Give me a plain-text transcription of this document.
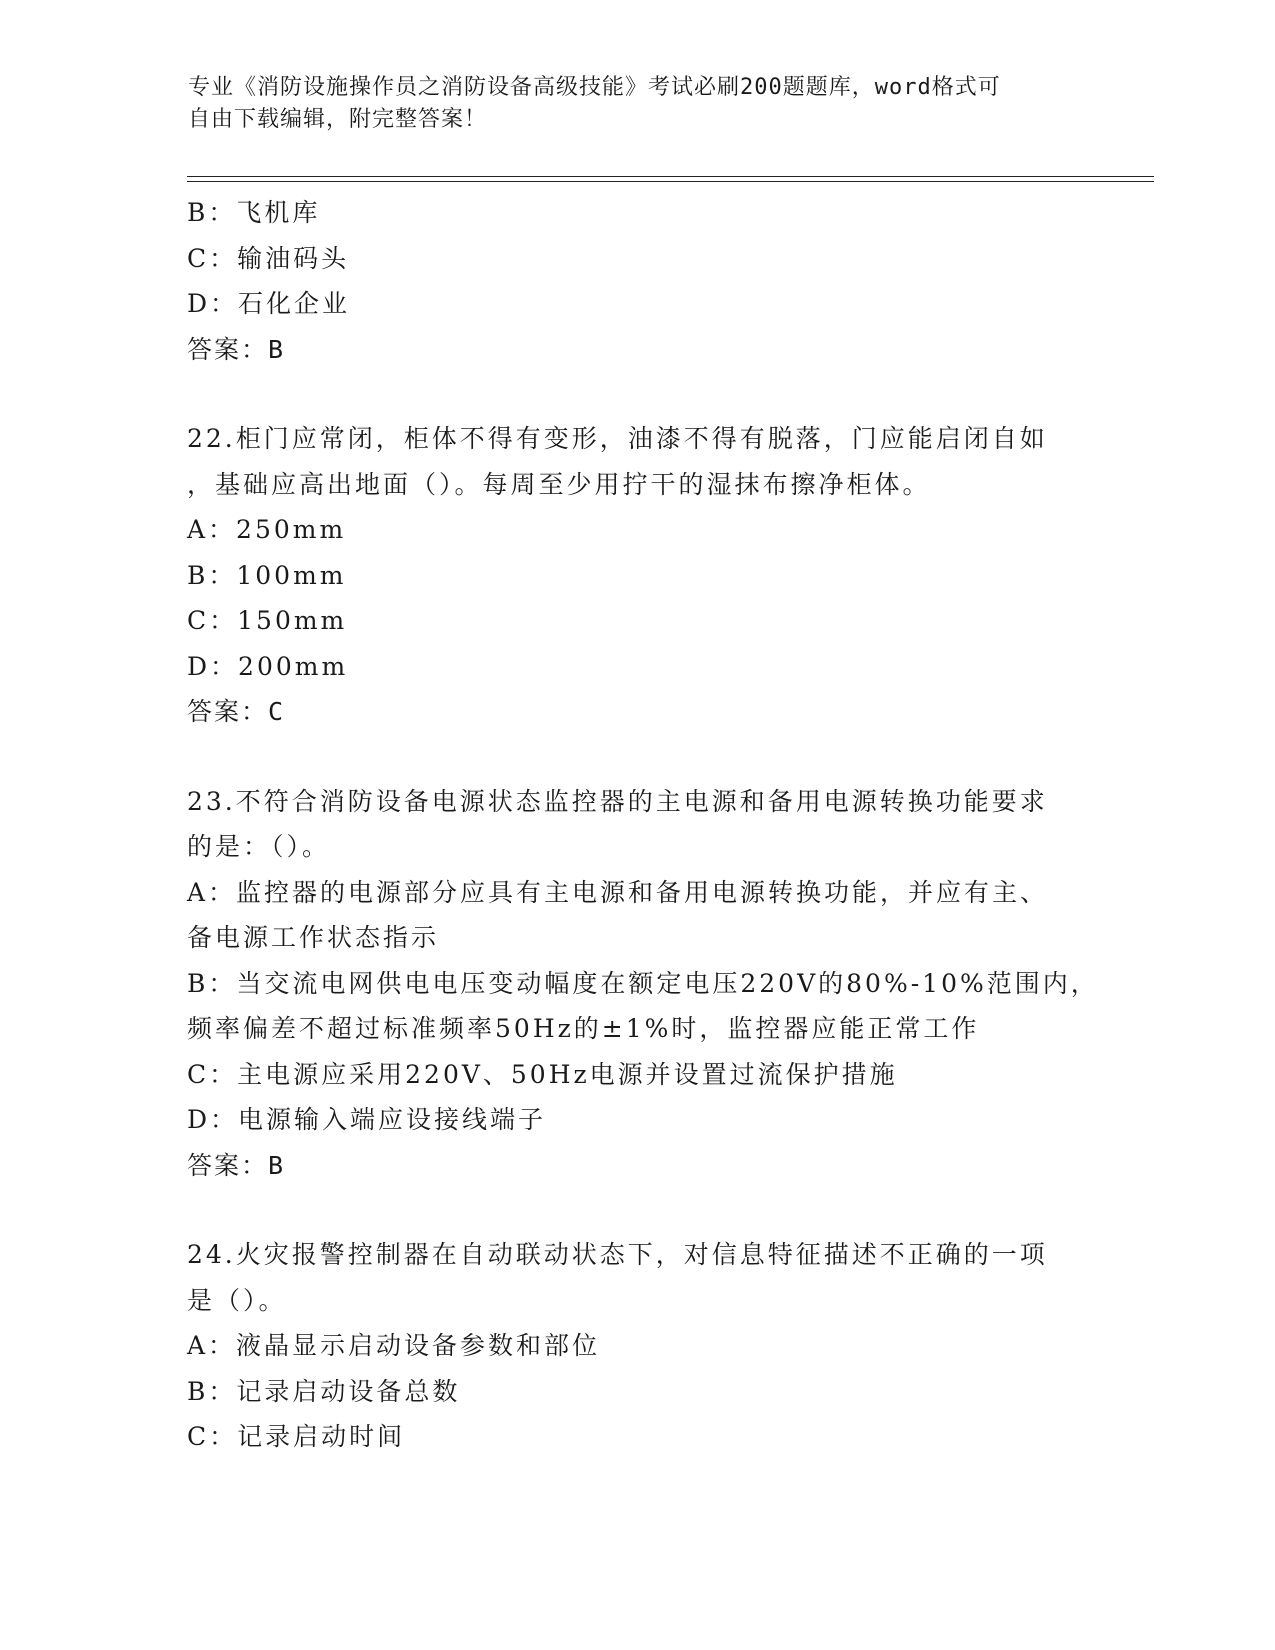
专业《消防设施操作员之消防设备高级技能》考试必刷200题题库，word格式可
自由下载编辑，附完整答案！
B：飞机库
C：输油码头
D：石化企业
答案：B
22.柜门应常闭，柜体不得有变形，油漆不得有脱落，门应能启闭自如
，基础应高出地面（）。每周至少用拧干的湿抹布擦净柜体。
A：250mm
B：100mm
C：150mm
D：200mm
答案：C
23.不符合消防设备电源状态监控器的主电源和备用电源转换功能要求
的是：（）。
A：监控器的电源部分应具有主电源和备用电源转换功能，并应有主、
备电源工作状态指示
B：当交流电网供电电压变动幅度在额定电压220V的80%-10%范围内，
频率偏差不超过标准频率50Hz的±1%时，监控器应能正常工作
C：主电源应采用220V、50Hz电源并设置过流保护措施
D：电源输入端应设接线端子
答案：B
24.火灾报警控制器在自动联动状态下，对信息特征描述不正确的一项
是（）。
A：液晶显示启动设备参数和部位
B：记录启动设备总数
C：记录启动时间
